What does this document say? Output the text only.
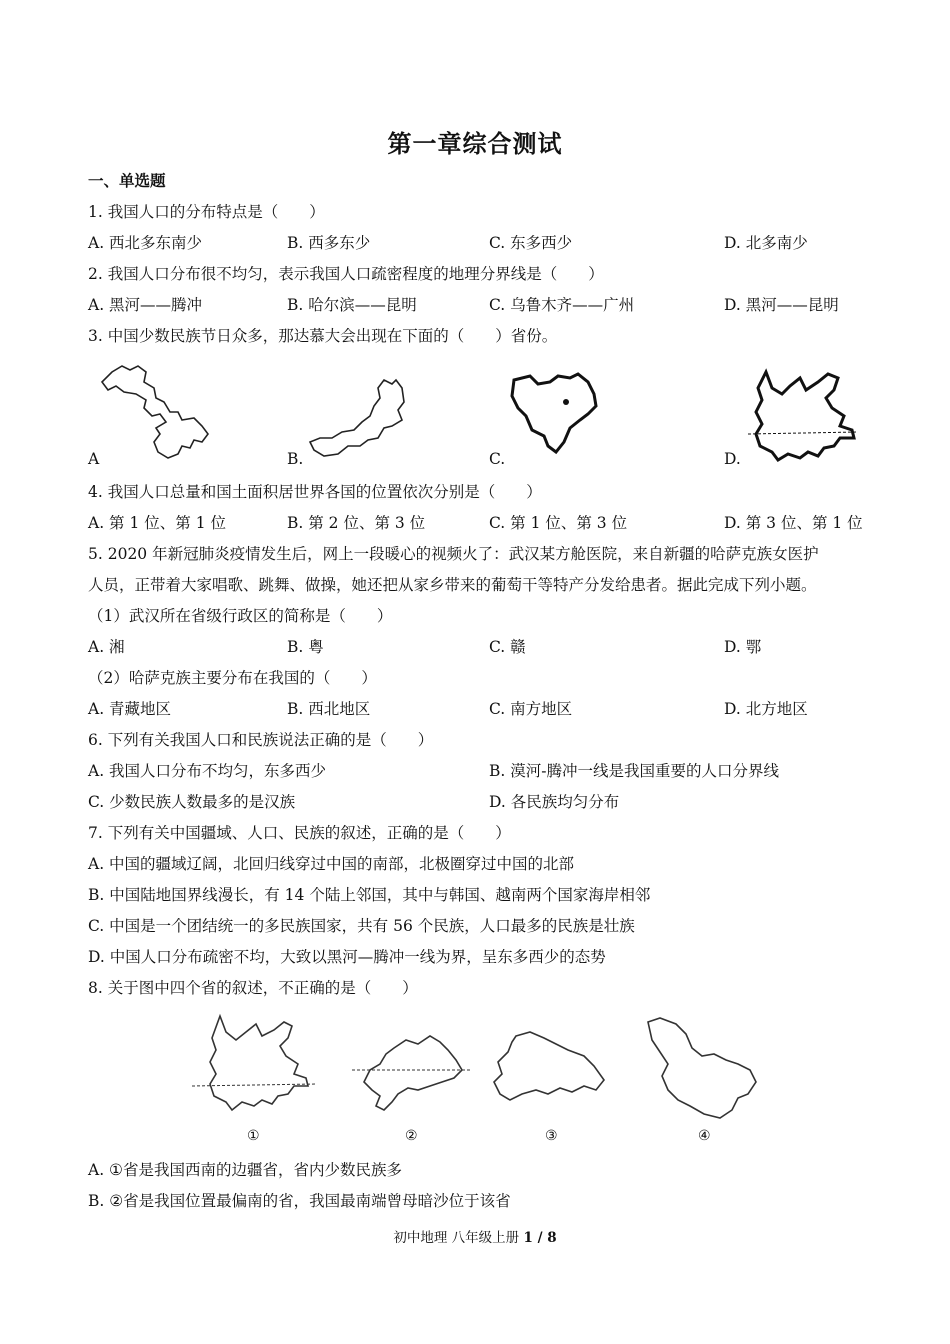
第一章综合测试
一、单选题
1. 我国人口的分布特点是（　　）
A. 西北多东南少	B. 西多东少	C. 东多西少	D. 北多南少
2. 我国人口分布很不均匀，表示我国人口疏密程度的地理分界线是（　　）
A. 黑河——腾冲	B. 哈尔滨——昆明	C. 乌鲁木齐——广州	D. 黑河——昆明
3. 中国少数民族节日众多，那达慕大会出现在下面的（　　）省份。
A	B.	C.	D.
4. 我国人口总量和国土面积居世界各国的位置依次分别是（　　）
A. 第 1 位、第 1 位	B. 第 2 位、第 3 位	C. 第 1 位、第 3 位	D. 第 3 位、第 1 位
5. 2020 年新冠肺炎疫情发生后，网上一段暖心的视频火了：武汉某方舱医院，来自新疆的哈萨克族女医护
人员，正带着大家唱歌、跳舞、做操，她还把从家乡带来的葡萄干等特产分发给患者。据此完成下列小题。
（1）武汉所在省级行政区的简称是（　　）
A. 湘	B. 粤	C. 赣	D. 鄂
（2）哈萨克族主要分布在我国的（　　）
A. 青藏地区	B. 西北地区	C. 南方地区	D. 北方地区
6. 下列有关我国人口和民族说法正确的是（　　）
A. 我国人口分布不均匀，东多西少	B. 漠河-腾冲一线是我国重要的人口分界线
C. 少数民族人数最多的是汉族	D. 各民族均匀分布
7. 下列有关中国疆域、人口、民族的叙述，正确的是（　　）
A. 中国的疆域辽阔，北回归线穿过中国的南部，北极圈穿过中国的北部
B. 中国陆地国界线漫长，有 14 个陆上邻国，其中与韩国、越南两个国家海岸相邻
C. 中国是一个团结统一的多民族国家，共有 56 个民族，人口最多的民族是壮族
D. 中国人口分布疏密不均，大致以黑河—腾冲一线为界，呈东多西少的态势
8. 关于图中四个省的叙述，不正确的是（　　）
①	②	③	④
A. ①省是我国西南的边疆省，省内少数民族多
B. ②省是我国位置最偏南的省，我国最南端曾母暗沙位于该省
初中地理 八年级上册 1 / 8
